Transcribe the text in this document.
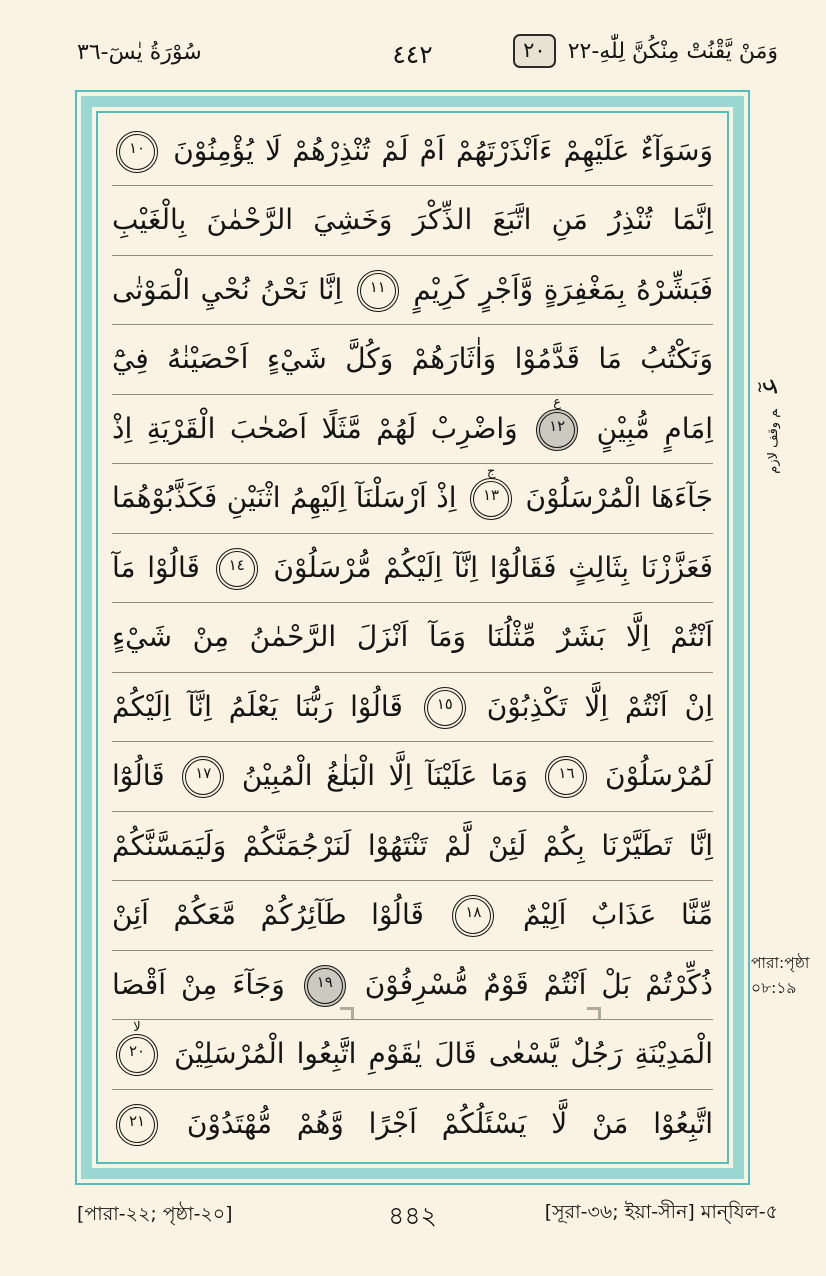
سُوْرَةُ يٰسٓ-٣٦	٤٤٢	وَمَنْ يَّقْنُتْ مِنْكُنَّ لِلّٰهِ-٢٢
٢٠
وَسَوَآءٌ عَلَيْهِمْ ءَاَنْذَرْتَهُمْ اَمْ لَمْ تُنْذِرْهُمْ لَا يُؤْمِنُوْنَ ١٠
اِنَّمَا تُنْذِرُ مَنِ اتَّبَعَ الذِّكْرَ وَخَشِيَ الرَّحْمٰنَ بِالْغَيْبِ
فَبَشِّرْهُ بِمَغْفِرَةٍ وَّاَجْرٍ كَرِيْمٍ ١١ اِنَّا نَحْنُ نُحْيِ الْمَوْتٰى
وَنَكْتُبُ مَا قَدَّمُوْا وَاٰثَارَهُمْ وَكُلَّ شَيْءٍ اَحْصَيْنٰهُ فِيْٓ
اِمَامٍ مُّبِيْنٍ ١٢
ع
وَاضْرِبْ لَهُمْ مَّثَلًا اَصْحٰبَ الْقَرْيَةِ اِذْ
جَآءَهَا الْمُرْسَلُوْنَ ١٣
ج
اِذْ اَرْسَلْنَآ اِلَيْهِمُ اثْنَيْنِ فَكَذَّبُوْهُمَا
فَعَزَّزْنَا بِثَالِثٍ فَقَالُوْٓا اِنَّآ اِلَيْكُمْ مُّرْسَلُوْنَ ١٤ قَالُوْا مَآ
اَنْتُمْ اِلَّا بَشَرٌ مِّثْلُنَا وَمَآ اَنْزَلَ الرَّحْمٰنُ مِنْ شَيْءٍ
اِنْ اَنْتُمْ اِلَّا تَكْذِبُوْنَ ١٥ قَالُوْا رَبُّنَا يَعْلَمُ اِنَّآ اِلَيْكُمْ
لَمُرْسَلُوْنَ ١٦ وَمَا عَلَيْنَآ اِلَّا الْبَلٰغُ الْمُبِيْنُ ١٧ قَالُوْٓا
اِنَّا تَطَيَّرْنَا بِكُمْ لَئِنْ لَّمْ تَنْتَهُوْا لَنَرْجُمَنَّكُمْ وَلَيَمَسَّنَّكُمْ
مِّنَّا عَذَابٌ اَلِيْمٌ ١٨ قَالُوْا طَآئِرُكُمْ مَّعَكُمْ اَئِنْ
ذُكِّرْتُمْ بَلْ اَنْتُمْ قَوْمٌ مُّسْرِفُوْنَ ١٩ وَجَآءَ مِنْ اَقْصَا
الْمَدِيْنَةِ رَجُلٌ يَّسْعٰى قَالَ يٰقَوْمِ اتَّبِعُوا الْمُرْسَلِيْنَ ٢٠
لا
اتَّبِعُوْا مَنْ لَّا يَسْئَلُكُمْ اَجْرًا وَّهُمْ مُّهْتَدُوْنَ ٢١
عٓم وقف لازم
পারা:পৃষ্ঠা
০৮:১৯
[পারা-২২; পৃষ্ঠা-২০]	৪৪২	[সূরা-৩৬; ইয়া-সীন] মান্‌যিল-৫
